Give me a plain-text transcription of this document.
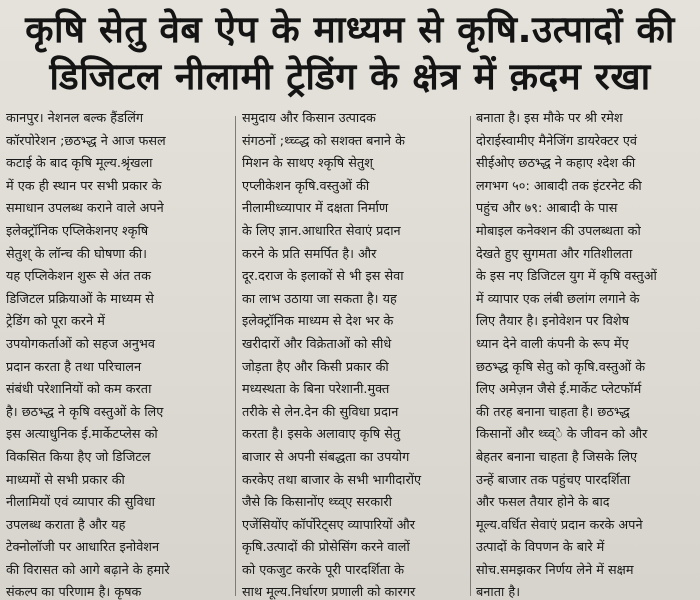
कृषि सेतु वेब ऐप के माध्यम से कृषि.उत्पादों की
डिजिटल नीलामी ट्रेडिंग के क्षेत्र में क़दम रखा
कानपुर। नेशनल बल्क हैंडलिंग
कॉरपोरेशन ;छठभ्द्ध ने आज फसल
कटाई के बाद कृषि मूल्य.श्रृंखला
में एक ही स्थान पर सभी प्रकार के
समाधान उपलब्ध कराने वाले अपने
इलेक्ट्रॉनिक एप्लिकेशनए श्कृषि
सेतुश् के लॉन्च की घोषणा की।
यह एप्लिकेशन शुरू से अंत तक
डिजिटल प्रक्रियाओं के माध्यम से
ट्रेडिंग को पूरा करने में
उपयोगकर्ताओं को सहज अनुभव
प्रदान करता है तथा परिचालन
संबंधी परेशानियों को कम करता
है। छठभ्द्ध ने कृषि वस्तुओं के लिए
इस अत्याधुनिक ई.मार्केटप्लेस को
विकसित किया हैए जो डिजिटल
माध्यमों से सभी प्रकार की
नीलामियों एवं व्यापार की सुविधा
उपलब्ध कराता है और यह
टेक्नोलॉजी पर आधारित इनोवेशन
की विरासत को आगे बढ़ाने के हमारे
संकल्प का परिणाम है। कृषक
समुदाय और किसान उत्पादक
संगठनों ;थ्च्व्द्ध को सशक्त बनाने के
मिशन के साथए श्कृषि सेतुश्
एप्लीकेशन कृषि.वस्तुओं की
नीलामीध्व्यापार में दक्षता निर्माण
के लिए ज्ञान.आधारित सेवाएं प्रदान
करने के प्रति समर्पित है। और
दूर.दराज के इलाकों से भी इस सेवा
का लाभ उठाया जा सकता है। यह
इलेक्ट्रॉनिक माध्यम से देश भर के
खरीदारों और विक्रेताओं को सीधे
जोड़ता हैए और किसी प्रकार की
मध्यस्थता के बिना परेशानी.मुक्त
तरीके से लेन.देन की सुविधा प्रदान
करता है। इसके अलावाए कृषि सेतु
बाजार से अपनी संबद्धता का उपयोग
करकेए तथा बाजार के सभी भागीदाराेंए
जैसे कि किसानोंए थ्च्व्ए सरकारी
एजेंसियोंए कॉर्पोरेट्सए व्यापारियों और
कृषि.उत्पादों की प्रोसेसिंग करने वालों
को एकजुट करके पूरी पारदर्शिता के
साथ मूल्य.निर्धारण प्रणाली को कारगर
बनाता है। इस मौके पर श्री रमेश
दोराईस्वामीए मैनेजिंग डायरेक्टर एवं
सीईओए छठभ्द्ध ने कहाए श्देश की
लगभग ५०: आबादी तक इंटरनेट की
पहुंच और ७९: आबादी के पास
मोबाइल कनेक्शन की उपलब्धता को
देखते हुए सुगमता और गतिशीलता
के इस नए डिजिटल युग में कृषि वस्तुओं
में व्यापार एक लंबी छलांग लगाने के
लिए तैयार है। इनोवेशन पर विशेष
ध्यान देने वाली कंपनी के रूप मेंए
छठभ्द्ध कृषि सेतु को कृषि.वस्तुओं के
लिए अमेज़न जैसे ई.मार्केट प्लेटफॉर्म
की तरह बनाना चाहता है। छठभ्द्ध
किसानों और थ्च्व्े के जीवन को और
बेहतर बनाना चाहता है जिसके लिए
उन्हें बाजार तक पहुंचए पारदर्शिता
और फसल तैयार होने के बाद
मूल्य.वर्धित सेवाएं प्रदान करके अपने
उत्पादों के विपणन के बारे में
सोच.समझकर निर्णय लेने में सक्षम
बनाता है।
